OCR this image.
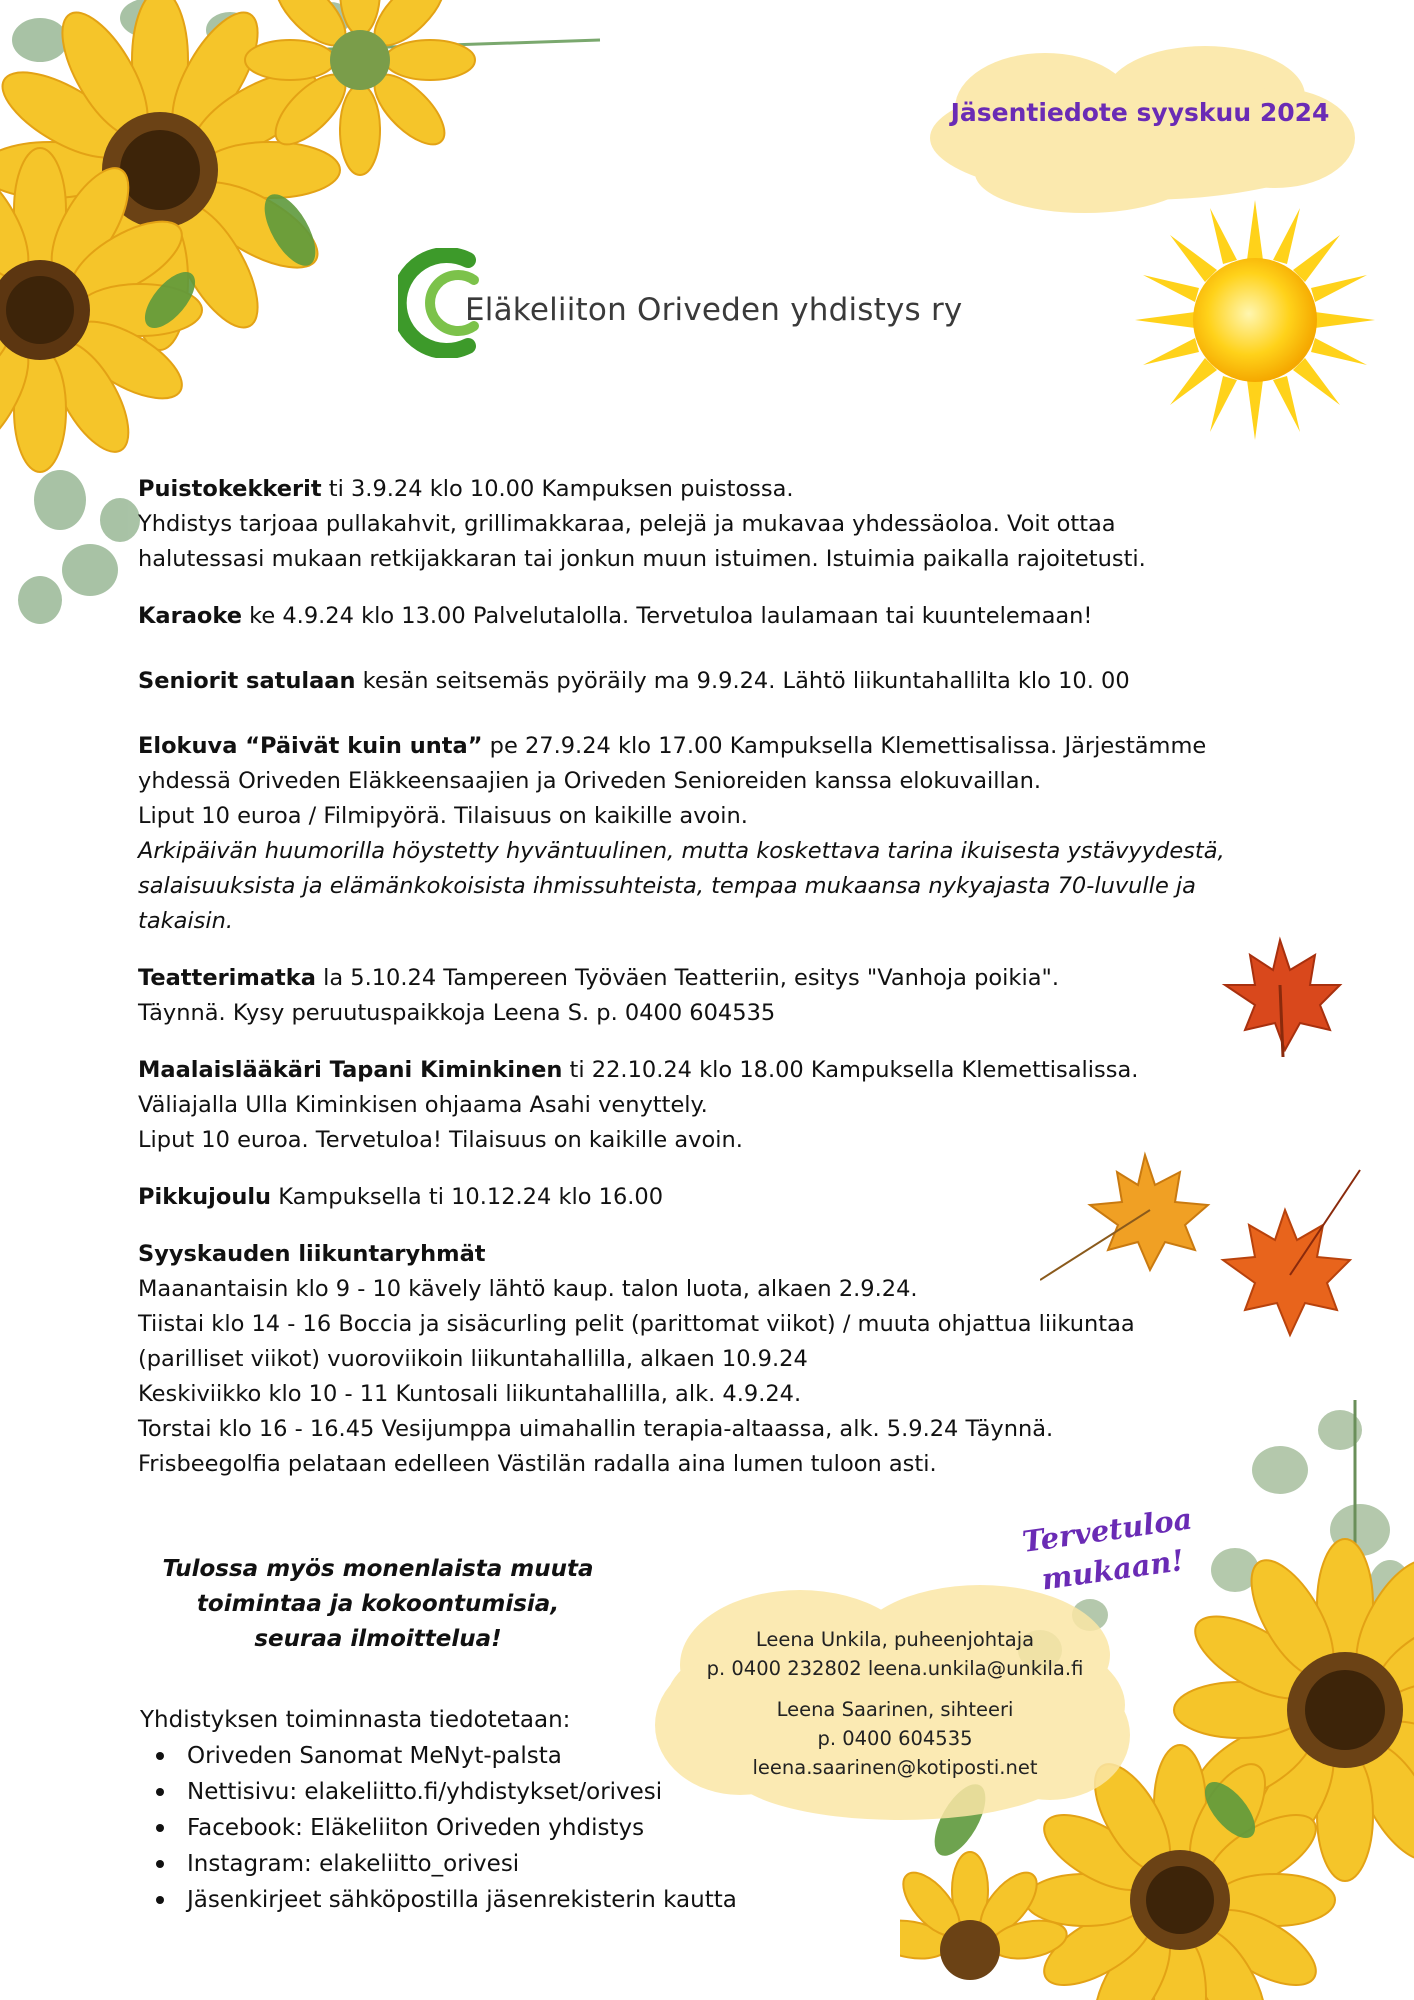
Jäsentiedote syyskuu 2024
Eläkeliiton Oriveden yhdistys ry
Puistokekkerit ti 3.9.24 klo 10.00 Kampuksen puistossa.
Yhdistys tarjoaa pullakahvit, grillimakkaraa, pelejä ja mukavaa yhdessäoloa. Voit ottaa
halutessasi mukaan retkijakkaran tai jonkun muun istuimen. Istuimia paikalla rajoitetusti.
Karaoke ke 4.9.24 klo 13.00 Palvelutalolla. Tervetuloa laulamaan tai kuuntelemaan!
Seniorit satulaan kesän seitsemäs pyöräily ma 9.9.24. Lähtö liikuntahallilta klo 10. 00
Elokuva “Päivät kuin unta” pe 27.9.24 klo 17.00 Kampuksella Klemettisalissa. Järjestämme
yhdessä Oriveden Eläkkeensaajien ja Oriveden Senioreiden kanssa elokuvaillan.
Liput 10 euroa / Filmipyörä. Tilaisuus on kaikille avoin.
Arkipäivän huumorilla höystetty hyväntuulinen, mutta koskettava tarina ikuisesta ystävyydestä,
salaisuuksista ja elämänkokoisista ihmissuhteista, tempaa mukaansa nykyajasta 70-luvulle ja
takaisin.
Teatterimatka la 5.10.24 Tampereen Työväen Teatteriin, esitys "Vanhoja poikia".
Täynnä. Kysy peruutuspaikkoja Leena S. p. 0400 604535
Maalaislääkäri Tapani Kiminkinen ti 22.10.24 klo 18.00 Kampuksella Klemettisalissa.
Väliajalla Ulla Kiminkisen ohjaama Asahi venyttely.
Liput 10 euroa. Tervetuloa! Tilaisuus on kaikille avoin.
Pikkujoulu Kampuksella ti 10.12.24 klo 16.00
Syyskauden liikuntaryhmät
Maanantaisin klo 9 - 10 kävely lähtö kaup. talon luota, alkaen 2.9.24.
Tiistai klo 14 - 16 Boccia ja sisäcurling pelit (parittomat viikot) / muuta ohjattua liikuntaa
(parilliset viikot) vuoroviikoin liikuntahallilla, alkaen 10.9.24
Keskiviikko klo 10 - 11 Kuntosali liikuntahallilla, alk. 4.9.24.
Torstai klo 16 - 16.45 Vesijumppa uimahallin terapia-altaassa, alk. 5.9.24 Täynnä.
Frisbeegolfia pelataan edelleen Västilän radalla aina lumen tuloon asti.
Tulossa myös monenlaista muuta
toimintaa ja kokoontumisia,
seuraa ilmoittelua!
Yhdistyksen toiminnasta tiedotetaan:
Oriveden Sanomat MeNyt-palsta
Nettisivu: elakeliitto.fi/yhdistykset/orivesi
Facebook: Eläkeliiton Oriveden yhdistys
Instagram: elakeliitto_orivesi
Jäsenkirjeet sähköpostilla jäsenrekisterin kautta
Tervetuloa
mukaan!
Leena Unkila, puheenjohtaja
p. 0400 232802 leena.unkila@unkila.fi
Leena Saarinen, sihteeri
p. 0400 604535
leena.saarinen@kotiposti.net
